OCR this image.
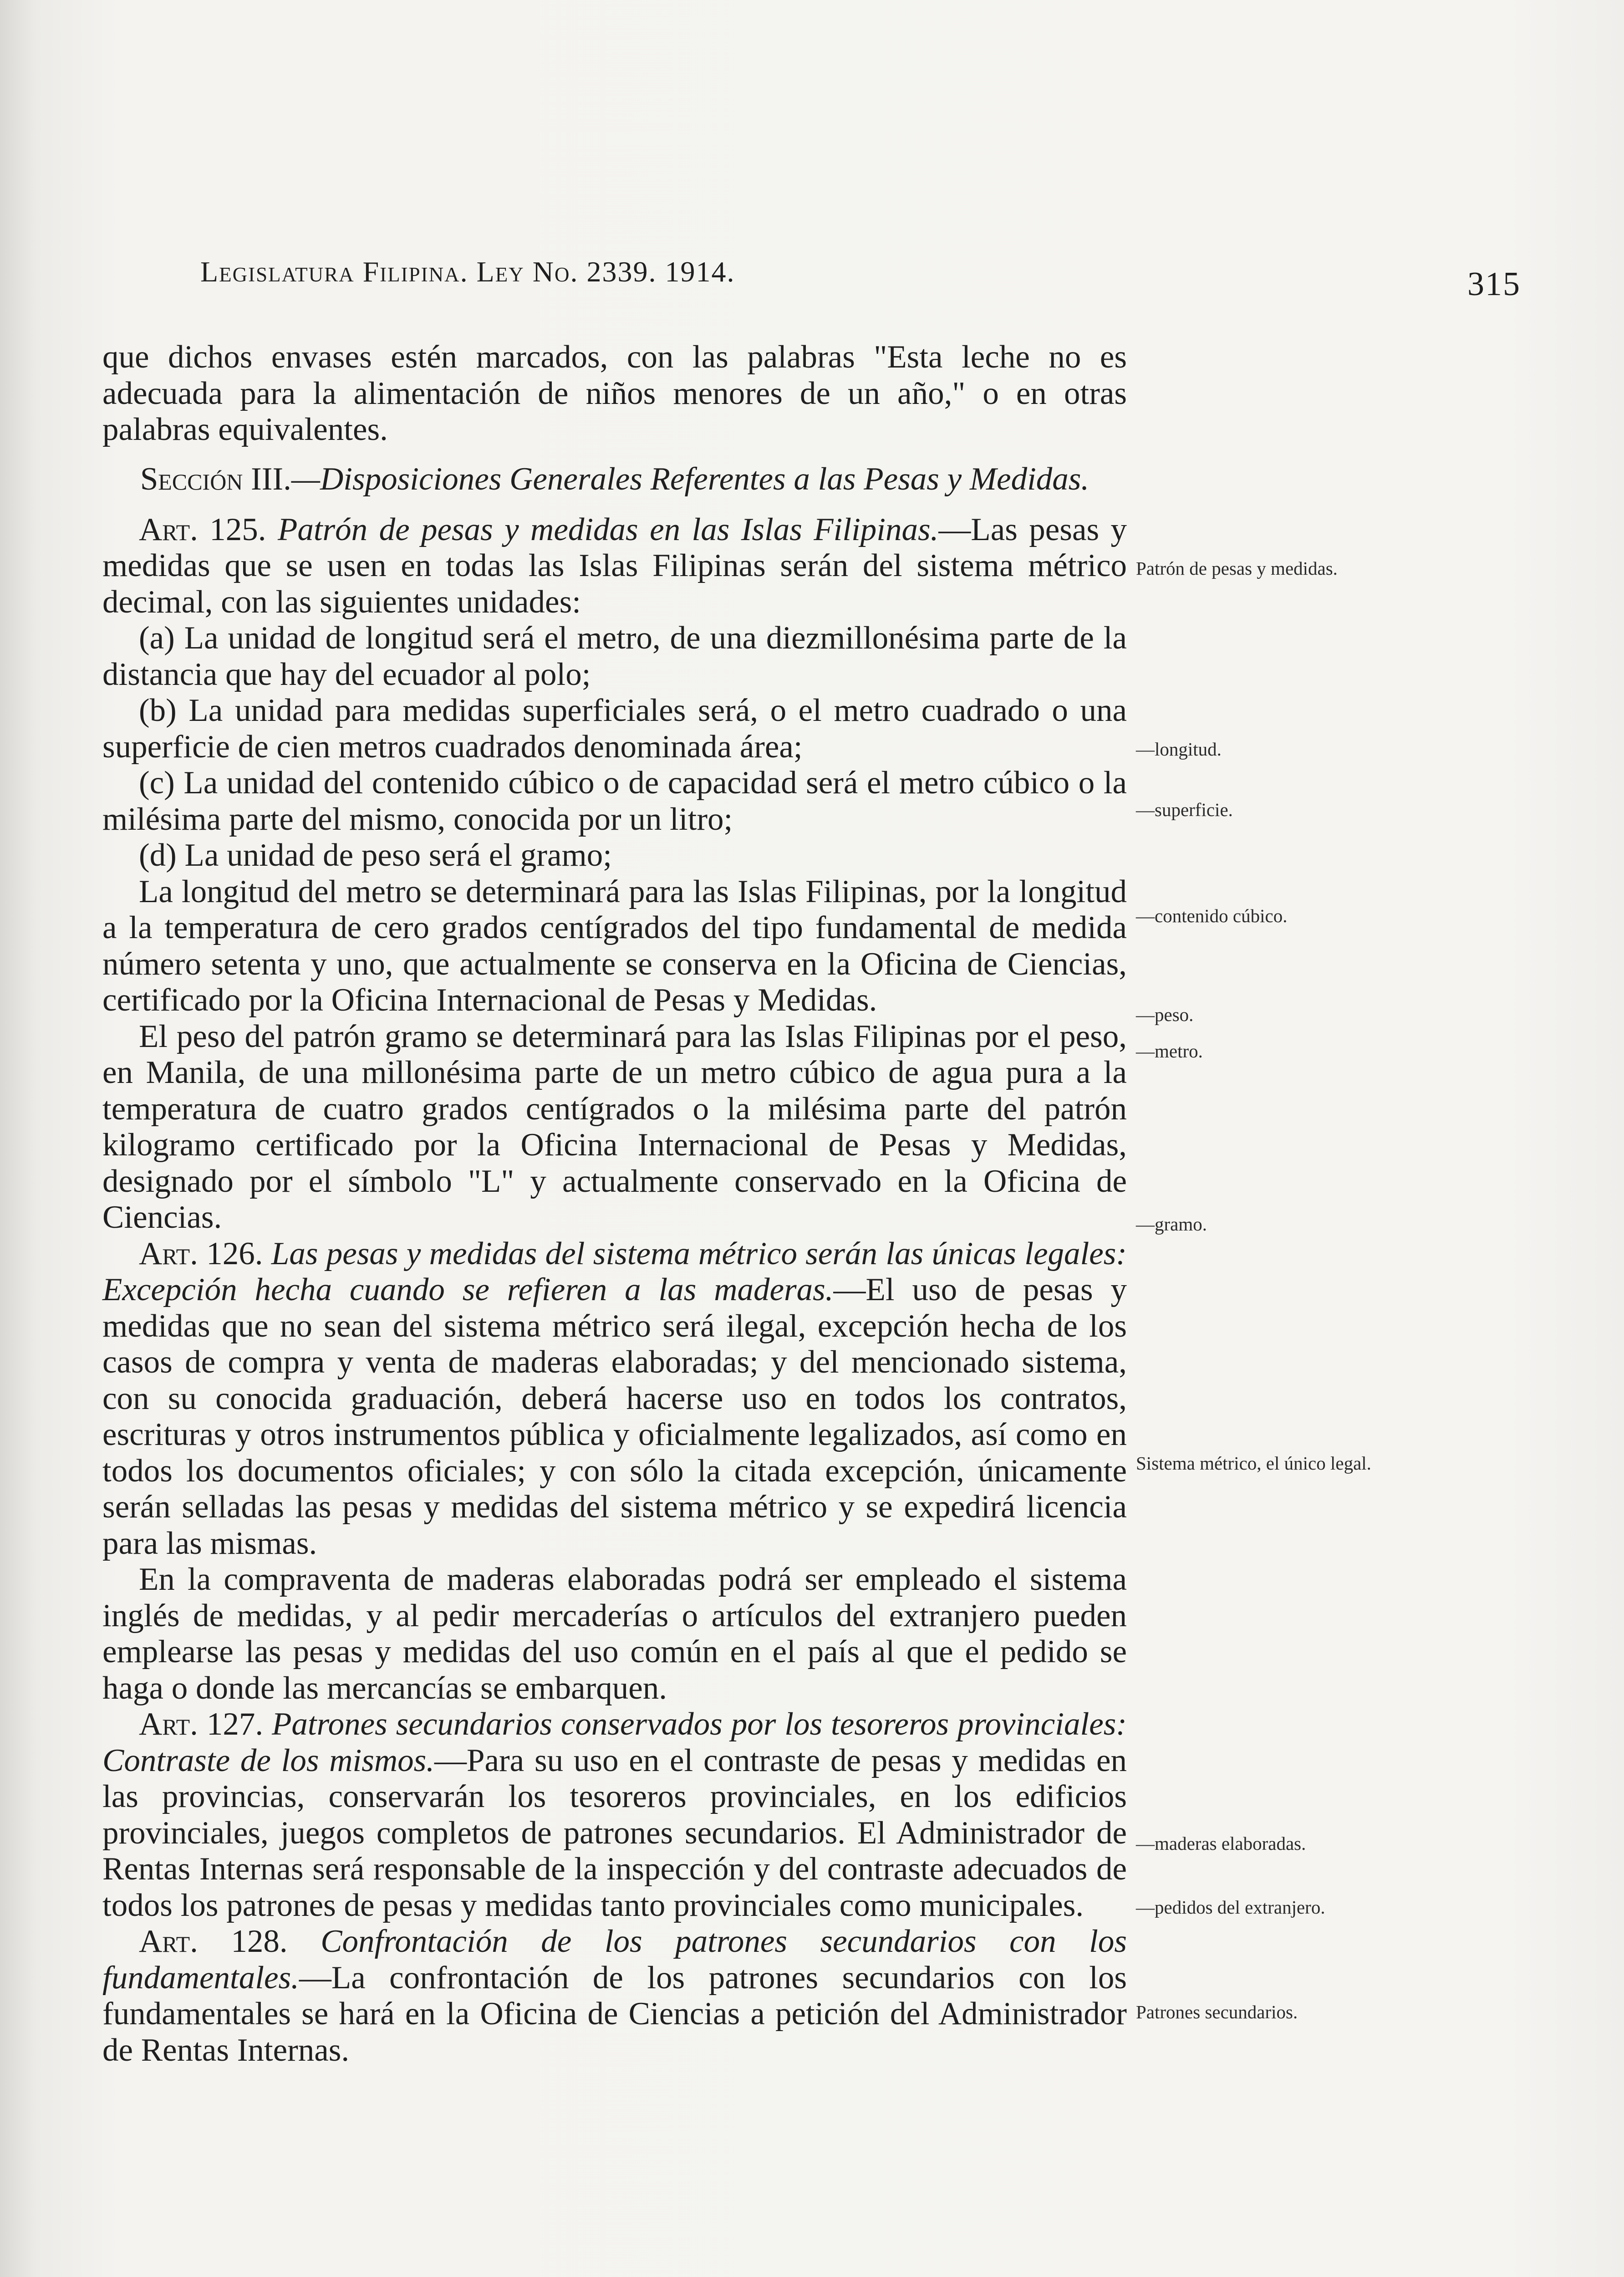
Legislatura Filipina. Ley No. 2339. 1914.	315

que dichos envases estén marcados, con las palabras "Esta leche no es adecuada para la alimentación de niños menores de un año," o en otras palabras equivalentes.

Sección III.—Disposiciones Generales Referentes a las Pesas y Medidas.

Art. 125. Patrón de pesas y medidas en las Islas Filipinas.—Las pesas y medidas que se usen en todas las Islas Filipinas serán del sistema métrico decimal, con las siguientes unidades:

(a) La unidad de longitud será el metro, de una diezmillonésima parte de la distancia que hay del ecuador al polo;

(b) La unidad para medidas superficiales será, o el metro cuadrado o una superficie de cien metros cuadrados denominada área;

(c) La unidad del contenido cúbico o de capacidad será el metro cúbico o la milésima parte del mismo, conocida por un litro;

(d) La unidad de peso será el gramo;

La longitud del metro se determinará para las Islas Filipinas, por la longitud a la temperatura de cero grados centígrados del tipo fundamental de medida número setenta y uno, que actualmente se conserva en la Oficina de Ciencias, certificado por la Oficina Internacional de Pesas y Medidas.

El peso del patrón gramo se determinará para las Islas Filipinas por el peso, en Manila, de una millonésima parte de un metro cúbico de agua pura a la temperatura de cuatro grados centígrados o la milésima parte del patrón kilogramo certificado por la Oficina Internacional de Pesas y Medidas, designado por el símbolo "L" y actualmente conservado en la Oficina de Ciencias.

Art. 126. Las pesas y medidas del sistema métrico serán las únicas legales: Excepción hecha cuando se refieren a las maderas.—El uso de pesas y medidas que no sean del sistema métrico será ilegal, excepción hecha de los casos de compra y venta de maderas elaboradas; y del mencionado sistema, con su conocida graduación, deberá hacerse uso en todos los contratos, escrituras y otros instrumentos pública y oficialmente legalizados, así como en todos los documentos oficiales; y con sólo la citada excepción, únicamente serán selladas las pesas y medidas del sistema métrico y se expedirá licencia para las mismas.

En la compraventa de maderas elaboradas podrá ser empleado el sistema inglés de medidas, y al pedir mercaderías o artículos del extranjero pueden emplearse las pesas y medidas del uso común en el país al que el pedido se haga o donde las mercancías se embarquen.

Art. 127. Patrones secundarios conservados por los tesoreros provinciales: Contraste de los mismos.—Para su uso en el contraste de pesas y medidas en las provincias, conservarán los tesoreros provinciales, en los edificios provinciales, juegos completos de patrones secundarios. El Administrador de Rentas Internas será responsable de la inspección y del contraste adecuados de todos los patrones de pesas y medidas tanto provinciales como municipales.

Art. 128. Confrontación de los patrones secundarios con los fundamentales.—La confrontación de los patrones secundarios con los fundamentales se hará en la Oficina de Ciencias a petición del Administrador de Rentas Internas.

Patrón de pesas y medidas.
—longitud.
—superficie.
—contenido cúbico.
—peso.
—metro.
—gramo.
Sistema métrico, el único legal.
—maderas elaboradas.
—pedidos del extranjero.
Patrones secundarios.
